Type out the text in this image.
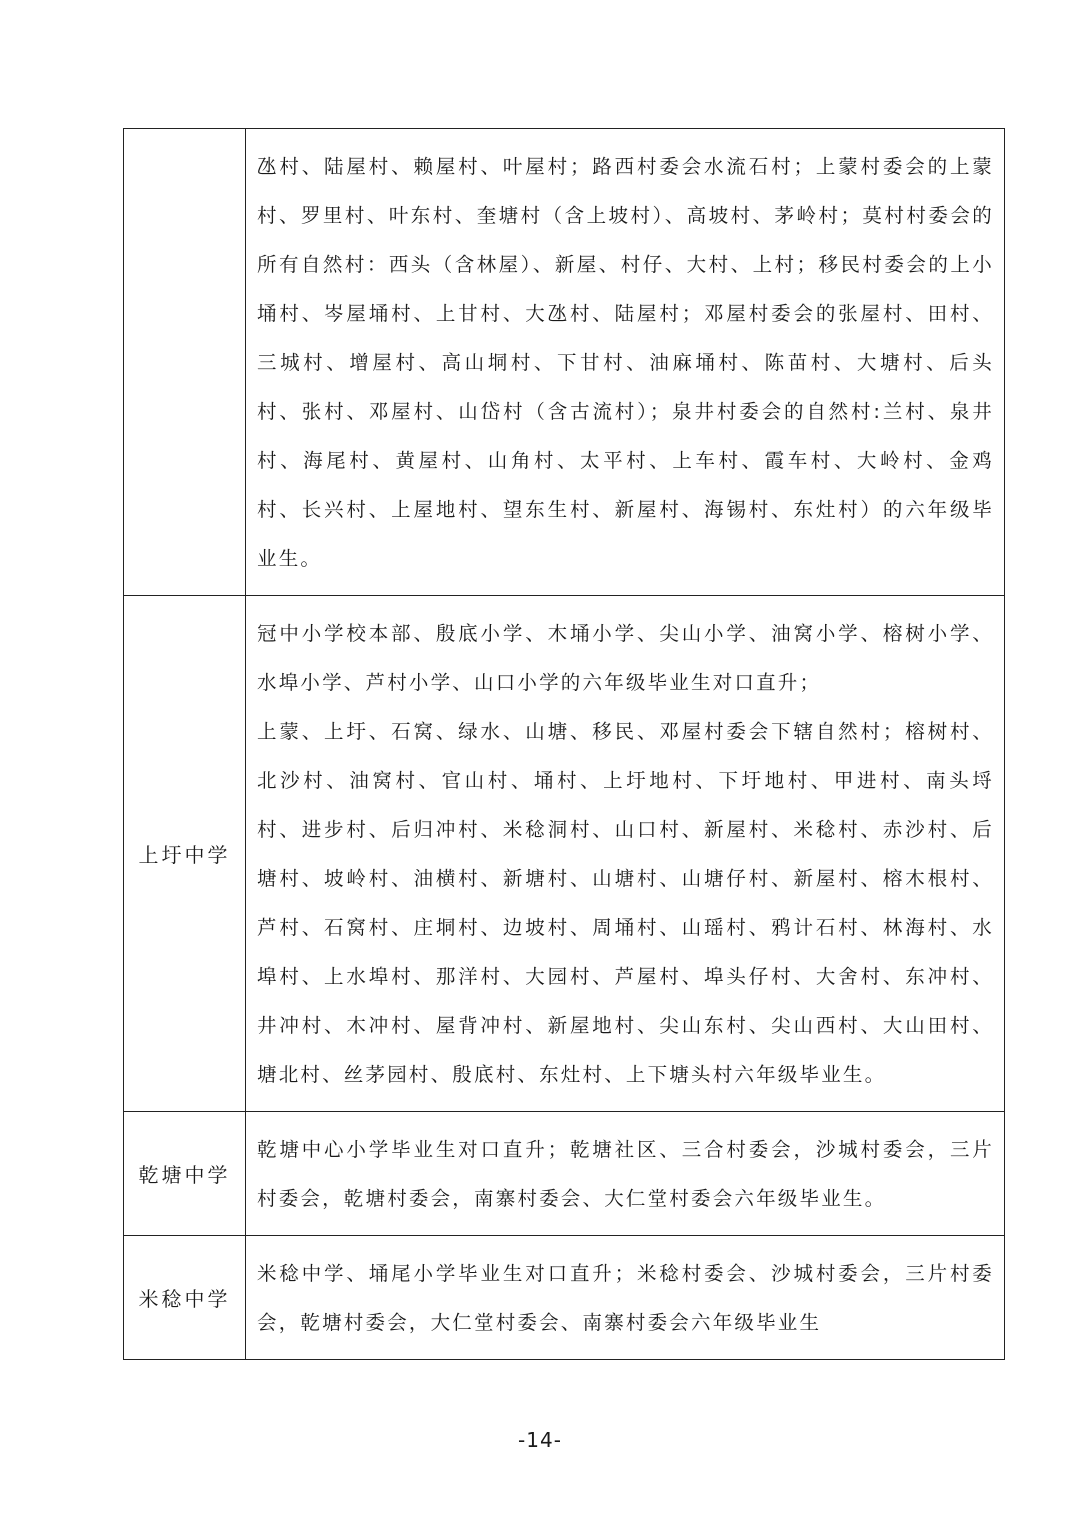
	氹村、陆屋村、赖屋村、叶屋村；路西村委会水流石村；上蒙村委会的上蒙村、罗里村、叶东村、奎塘村（含上坡村）、高坡村、茅岭村；莫村村委会的所有自然村：西头（含林屋）、新屋、村仔、大村、上村；移民村委会的上小埇村、岑屋埇村、上甘村、大氹村、陆屋村；邓屋村委会的张屋村、田村、三城村、增屋村、高山垌村、下甘村、油麻埇村、陈苗村、大塘村、后头村、张村、邓屋村、山岱村（含古流村）；泉井村委会的自然村:兰村、泉井村、海尾村、黄屋村、山角村、太平村、上车村、霞车村、大岭村、金鸡村、长兴村、上屋地村、望东生村、新屋村、海锡村、东灶村）的六年级毕业生。

上圩中学	冠中小学校本部、殷底小学、木埇小学、尖山小学、油窝小学、榕树小学、水埠小学、芦村小学、山口小学的六年级毕业生对口直升；

上蒙、上圩、石窝、绿水、山塘、移民、邓屋村委会下辖自然村；榕树村、北沙村、油窝村、官山村、埇村、上圩地村、下圩地村、甲进村、南头埒村、进步村、后归冲村、米稔洞村、山口村、新屋村、米稔村、赤沙村、后塘村、坡岭村、油横村、新塘村、山塘村、山塘仔村、新屋村、榕木根村、芦村、石窝村、庄垌村、边坡村、周埇村、山瑶村、鸦计石村、林海村、水埠村、上水埠村、那洋村、大园村、芦屋村、埠头仔村、大舍村、东冲村、井冲村、木冲村、屋背冲村、新屋地村、尖山东村、尖山西村、大山田村、塘北村、丝茅园村、殷底村、东灶村、上下塘头村六年级毕业生。

乾塘中学	乾塘中心小学毕业生对口直升；乾塘社区、三合村委会，沙城村委会，三片村委会，乾塘村委会，南寨村委会、大仁堂村委会六年级毕业生。

米稔中学	米稔中学、埇尾小学毕业生对口直升；米稔村委会、沙城村委会，三片村委会，乾塘村委会，大仁堂村委会、南寨村委会六年级毕业生

-14-
